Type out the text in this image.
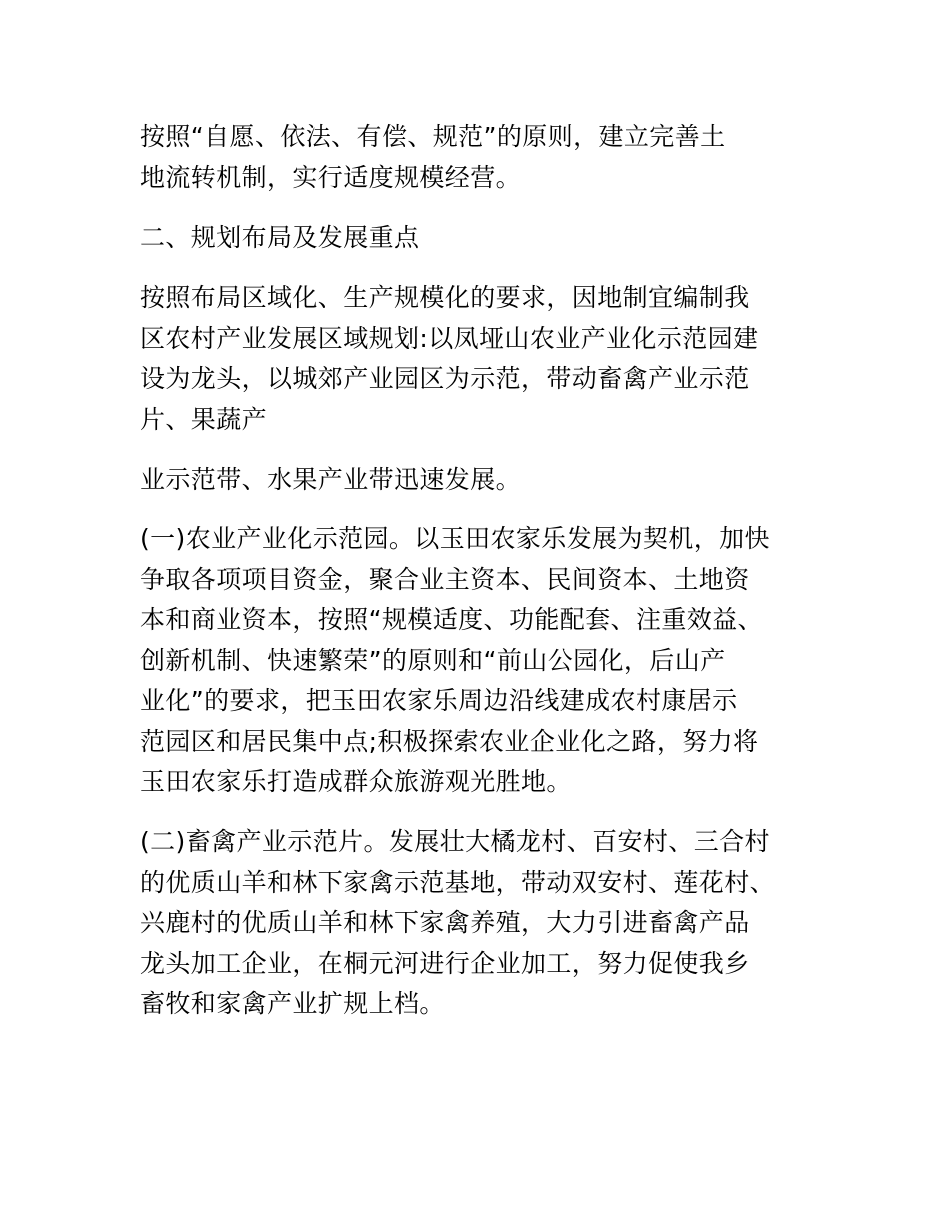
按照“自愿、依法、有偿、规范”的原则，建立完善土
地流转机制，实行适度规模经营。
二、规划布局及发展重点
按照布局区域化、生产规模化的要求，因地制宜编制我
区农村产业发展区域规划:以凤垭山农业产业化示范园建
设为龙头，以城郊产业园区为示范，带动畜禽产业示范
片、果蔬产
业示范带、水果产业带迅速发展。
(一)农业产业化示范园。以玉田农家乐发展为契机，加快
争取各项项目资金，聚合业主资本、民间资本、土地资
本和商业资本，按照“规模适度、功能配套、注重效益、
创新机制、快速繁荣”的原则和“前山公园化，后山产
业化”的要求，把玉田农家乐周边沿线建成农村康居示
范园区和居民集中点;积极探索农业企业化之路，努力将
玉田农家乐打造成群众旅游观光胜地。
(二)畜禽产业示范片。发展壮大橘龙村、百安村、三合村
的优质山羊和林下家禽示范基地，带动双安村、莲花村、
兴鹿村的优质山羊和林下家禽养殖，大力引进畜禽产品
龙头加工企业，在桐元河进行企业加工，努力促使我乡
畜牧和家禽产业扩规上档。
